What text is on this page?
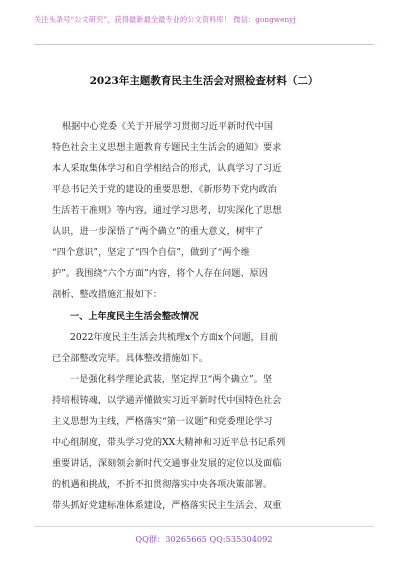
关注头条号“公文研究”，获得最新最全最专业的公文资料库！ 微信：gongwenyj
2023年主题教育民主生活会对照检查材料（二）
根据中心党委《关于开展学习贯彻习近平新时代中国
特色社会主义思想主题教育专题民主生活会的通知》要求
本人采取集体学习和自学相结合的形式，认真学习了习近
平总书记关于党的建设的重要思想、《新形势下党内政治
生活若干准则》等内容，通过学习思考，切实深化了思想
认识，进一步深悟了“两个确立”的重大意义，树牢了
“四个意识”，坚定了“四个自信”，做到了“两个维
护”。我围绕“六个方面”内容，将个人存在问题、原因
剖析、整改措施汇报如下：
一、上年度民主生活会整改情况
2022年度民主生活会共梳理x个方面x个问题，目前
已全部整改完毕。具体整改措施如下。
一是强化科学理论武装，坚定捍卫“两个确立”。坚
持培根铸魂，以学通弄懂做实习近平新时代中国特色社会
主义思想为主线，严格落实“第一议题”和党委理论学习
中心组制度，带头学习党的XX大精神和习近平总书记系列
重要讲话，深刻领会新时代交通事业发展的定位以及面临
的机遇和挑战，不折不扣贯彻落实中央各项决策部署。
带头抓好党建标准体系建设，严格落实民主生活会、双重
QQ群：30265665 QQ:535304092
